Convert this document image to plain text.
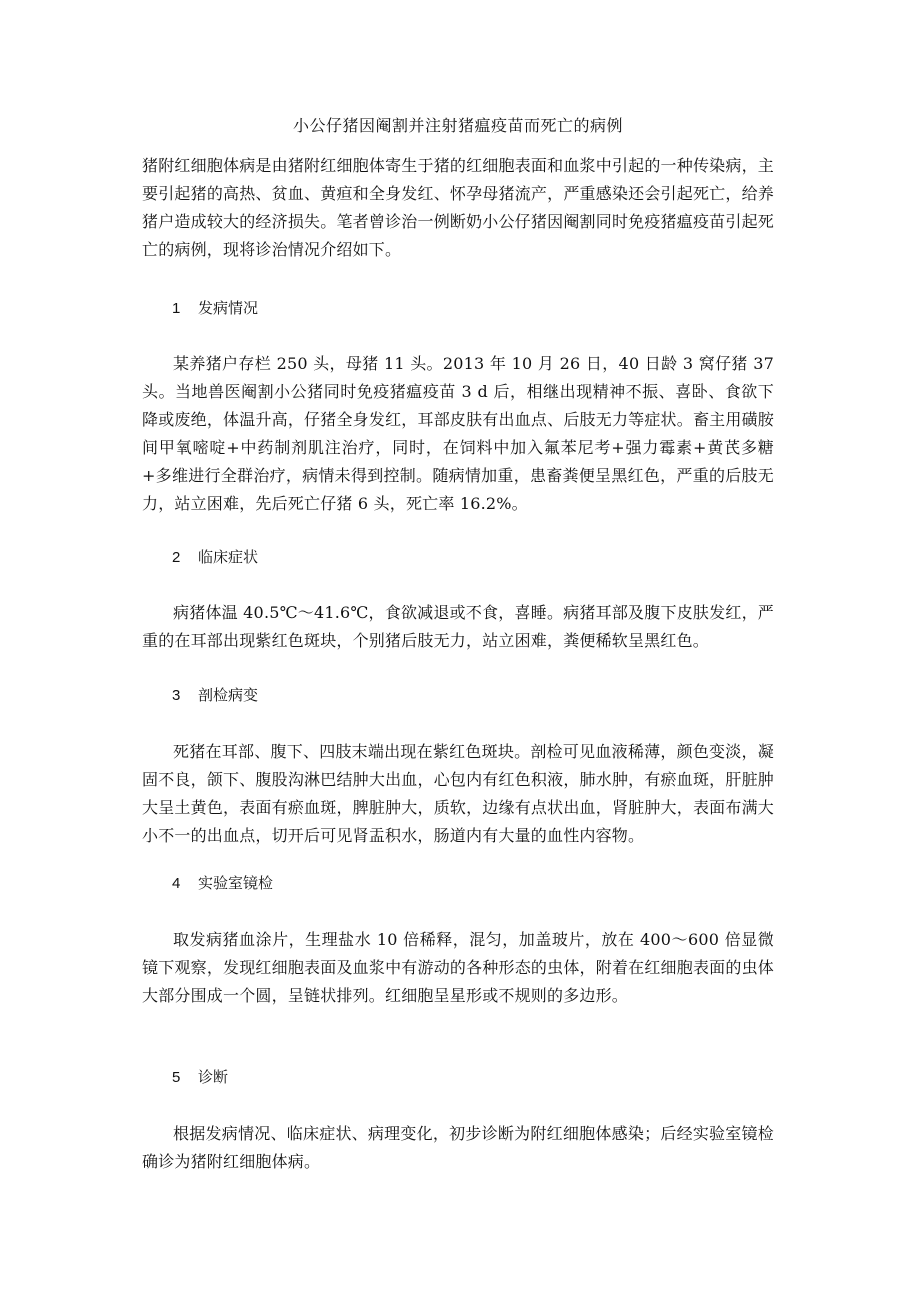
小公仔猪因阉割并注射猪瘟疫苗而死亡的病例

猪附红细胞体病是由猪附红细胞体寄生于猪的红细胞表面和血浆中引起的一种传染病，主要引起猪的高热、贫血、黄疸和全身发红、怀孕母猪流产，严重感染还会引起死亡，给养猪户造成较大的经济损失。笔者曾诊治一例断奶小公仔猪因阉割同时免疫猪瘟疫苗引起死亡的病例，现将诊治情况介绍如下。

1 发病情况

某养猪户存栏 250 头，母猪 11 头。2013 年 10 月 26 日，40 日龄 3 窝仔猪 37 头。当地兽医阉割小公猪同时免疫猪瘟疫苗 3 d 后，相继出现精神不振、喜卧、食欲下降或废绝，体温升高，仔猪全身发红，耳部皮肤有出血点、后肢无力等症状。畜主用磺胺间甲氧嘧啶+中药制剂肌注治疗，同时，在饲料中加入氟苯尼考+强力霉素+黄芪多糖+多维进行全群治疗，病情未得到控制。随病情加重，患畜粪便呈黑红色，严重的后肢无力，站立困难，先后死亡仔猪 6 头，死亡率 16.2%。

2 临床症状

病猪体温 40.5℃～41.6℃，食欲减退或不食，喜睡。病猪耳部及腹下皮肤发红，严重的在耳部出现紫红色斑块，个别猪后肢无力，站立困难，粪便稀软呈黑红色。

3 剖检病变

死猪在耳部、腹下、四肢末端出现在紫红色斑块。剖检可见血液稀薄，颜色变淡，凝固不良，颌下、腹股沟淋巴结肿大出血，心包内有红色积液，肺水肿，有瘀血斑，肝脏肿大呈土黄色，表面有瘀血斑，脾脏肿大，质软，边缘有点状出血，肾脏肿大，表面布满大小不一的出血点，切开后可见肾盂积水，肠道内有大量的血性内容物。

4 实验室镜检

取发病猪血涂片，生理盐水 10 倍稀释，混匀，加盖玻片，放在 400～600 倍显微镜下观察，发现红细胞表面及血浆中有游动的各种形态的虫体，附着在红细胞表面的虫体大部分围成一个圆，呈链状排列。红细胞呈星形或不规则的多边形。

5 诊断

根据发病情况、临床症状、病理变化，初步诊断为附红细胞体感染；后经实验室镜检确诊为猪附红细胞体病。
